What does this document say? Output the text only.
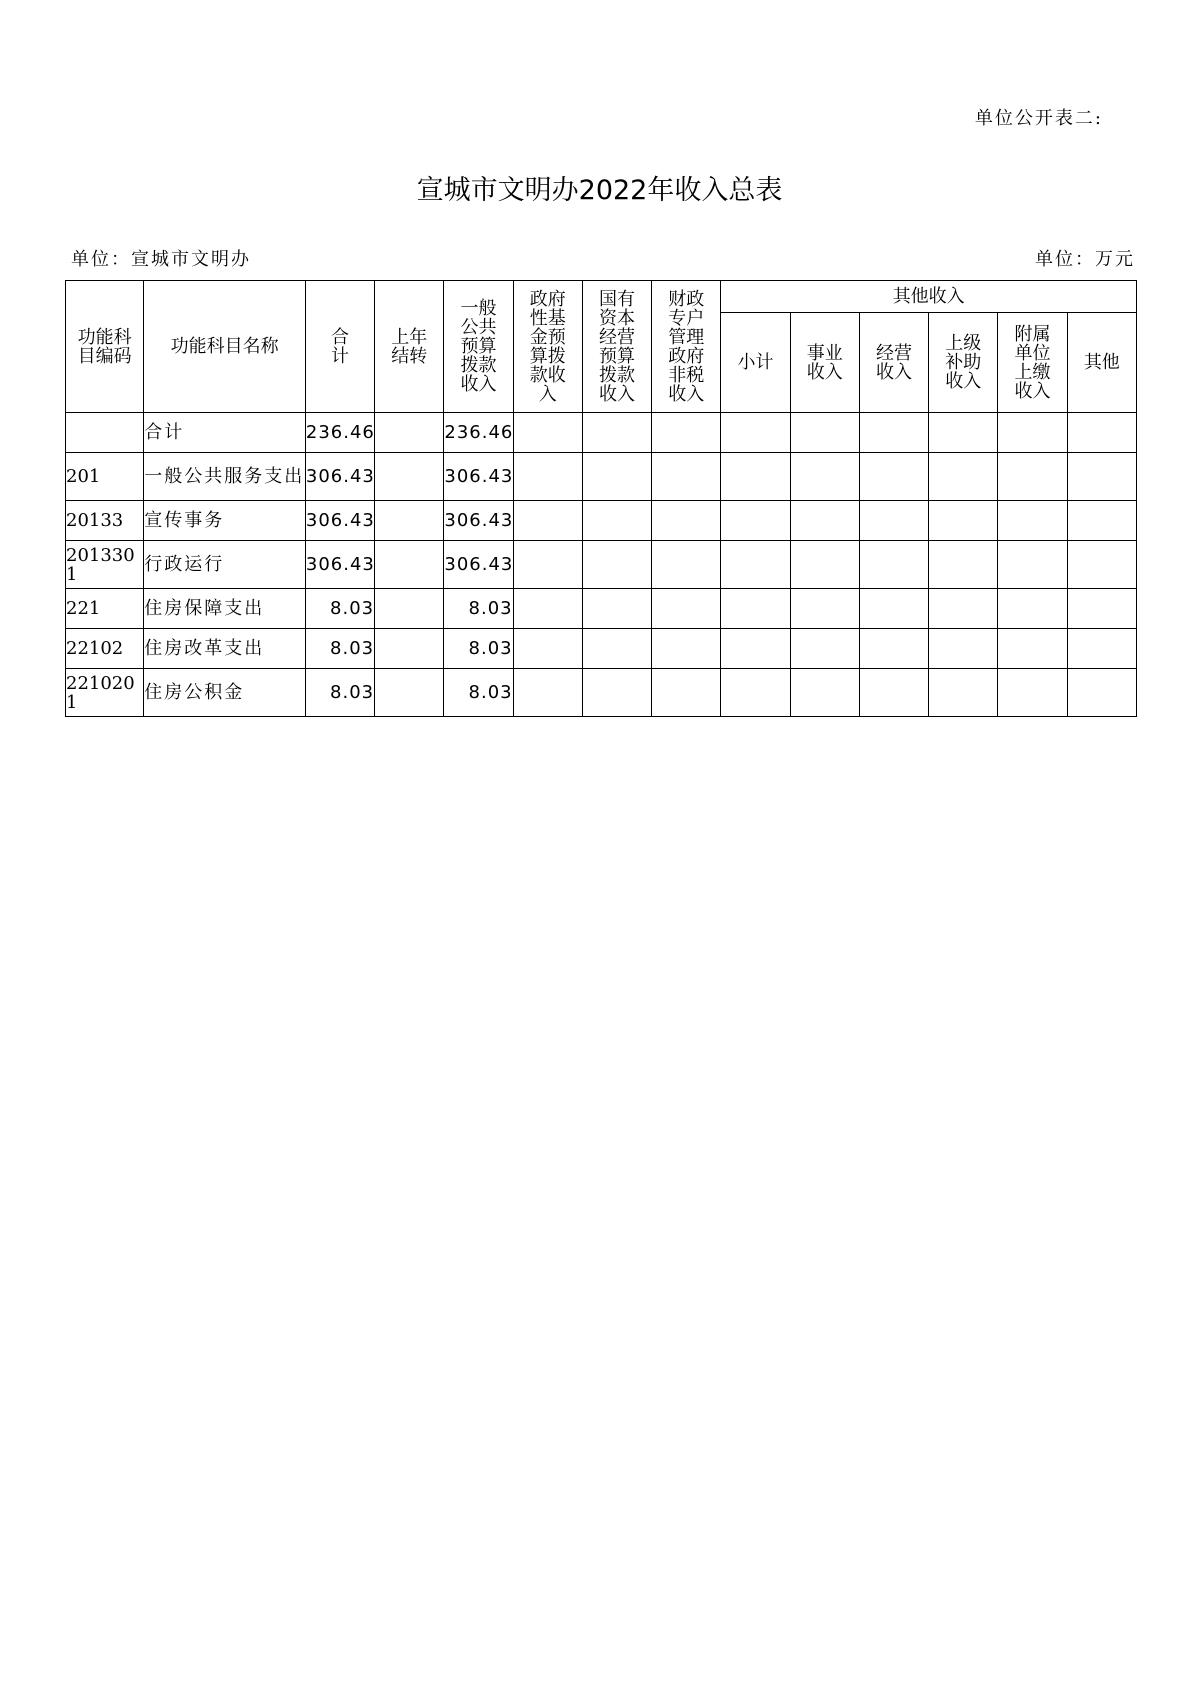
单位公开表二:
宣城市文明办2022年收入总表
单位：宣城市文明办	单位：万元
功能科目编码	功能科目名称	合计	上年结转	一般公共预算拨款收入	政府性基金预算拨款收入	国有资本经营预算拨款收入	财政专户管理政府非税收入	其他收入					
								小计	事业收入	经营收入	上级补助收入	附属单位上缴收入	其他
	合计	236.46		236.46									
201	一般公共服务支出	306.43		306.43									
20133	宣传事务	306.43		306.43									
2013301	行政运行	306.43		306.43									
221	住房保障支出	8.03		8.03									
22102	住房改革支出	8.03		8.03									
2210201	住房公积金	8.03		8.03									
